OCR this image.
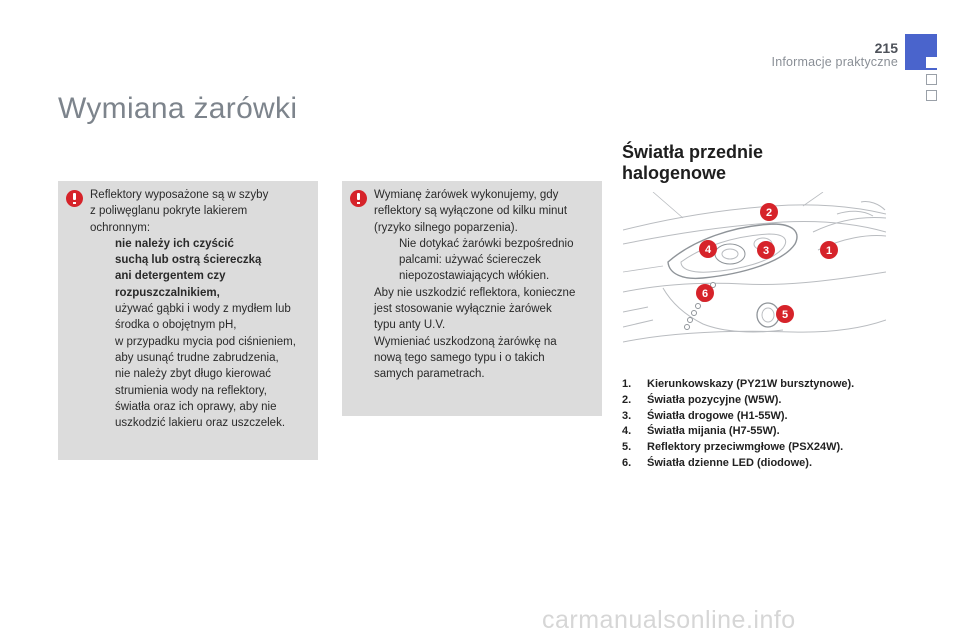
215
Informacje praktyczne
Wymiana żarówki

Reflektory wyposażone są w szyby

z poliwęglanu pokryte lakierem

ochronnym:

nie należy ich czyścić

suchą lub ostrą ściereczką

ani detergentem czy

rozpuszczalnikiem,

używać gąbki i wody z mydłem lub

środka o obojętnym pH,

w przypadku mycia pod ciśnieniem,

aby usunąć trudne zabrudzenia,

nie należy zbyt długo kierować

strumienia wody na reflektory,

światła oraz ich oprawy, aby nie

uszkodzić lakieru oraz uszczelek.

Wymianę żarówek wykonujemy, gdy

reflektory są wyłączone od kilku minut

(ryzyko silnego poparzenia).

Nie dotykać żarówki bezpośrednio

palcami: używać ściereczek

niepozostawiających włókien.

Aby nie uszkodzić reflektora, konieczne

jest stosowanie wyłącznie żarówek

typu anty U.V.

Wymieniać uszkodzoną żarówkę na

nową tego samego typu i o takich

samych parametrach.

Światła przednie
halogenowe
1
2
3
4
5
6
1.	Kierunkowskazy (PY21W bursztynowe).
2.	Światła pozycyjne (W5W).
3.	Światła drogowe (H1-55W).
4.	Światła mijania (H7-55W).
5.	Reflektory przeciwmgłowe (PSX24W).
6.	Światła dzienne LED (diodowe).
carmanualsonline.info
